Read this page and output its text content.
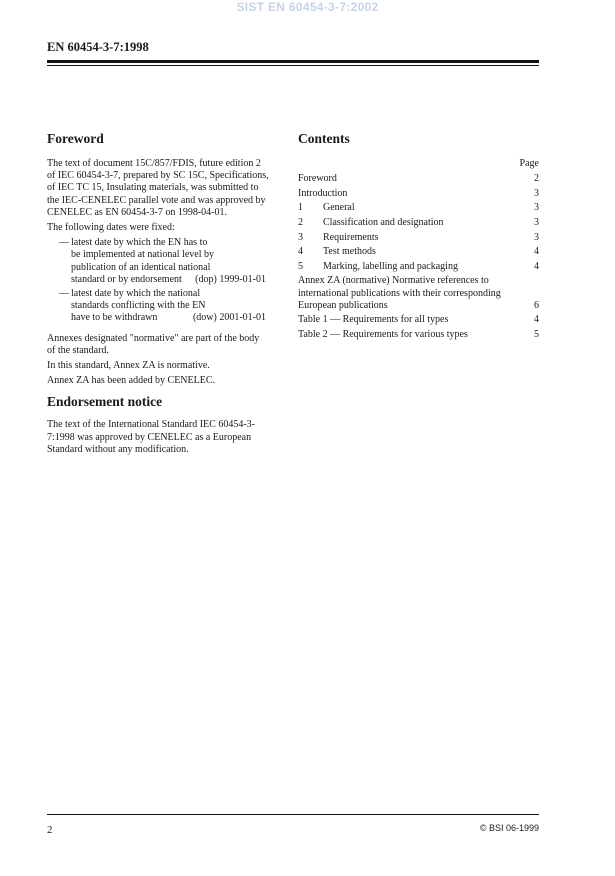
SIST EN 60454-3-7:2002
EN 60454-3-7:1998
Foreword

The text of document 15C/857/FDIS, future edition 2 of IEC 60454-3-7, prepared by SC 15C, Specifications, of IEC TC 15, Insulating materials, was submitted to the IEC-CENELEC parallel vote and was approved by CENELEC as EN 60454-3-7 on 1998-04-01.

The following dates were fixed:

— latest date by which the EN has to be implemented at national level by publication of an identical national standard or by endorsement	(dop) 1999-01-01
— latest date by which the national standards conflicting with the EN have to be withdrawn	(dow) 2001-01-01

Annexes designated "normative" are part of the body of the standard.

In this standard, Annex ZA is normative.

Annex ZA has been added by CENELEC.

Endorsement notice

The text of the International Standard IEC 60454-3-7:1998 was approved by CENELEC as a European Standard without any modification.

Contents
Page
Foreword	2
Introduction	3
1	General	3
2	Classification and designation	3
3	Requirements	3
4	Test methods	4
5	Marking, labelling and packaging	4
Annex ZA (normative) Normative references to international publications with their corresponding European publications	6
Table 1 — Requirements for all types	4
Table 2 — Requirements for various types	5
2	© BSI 06-1999
